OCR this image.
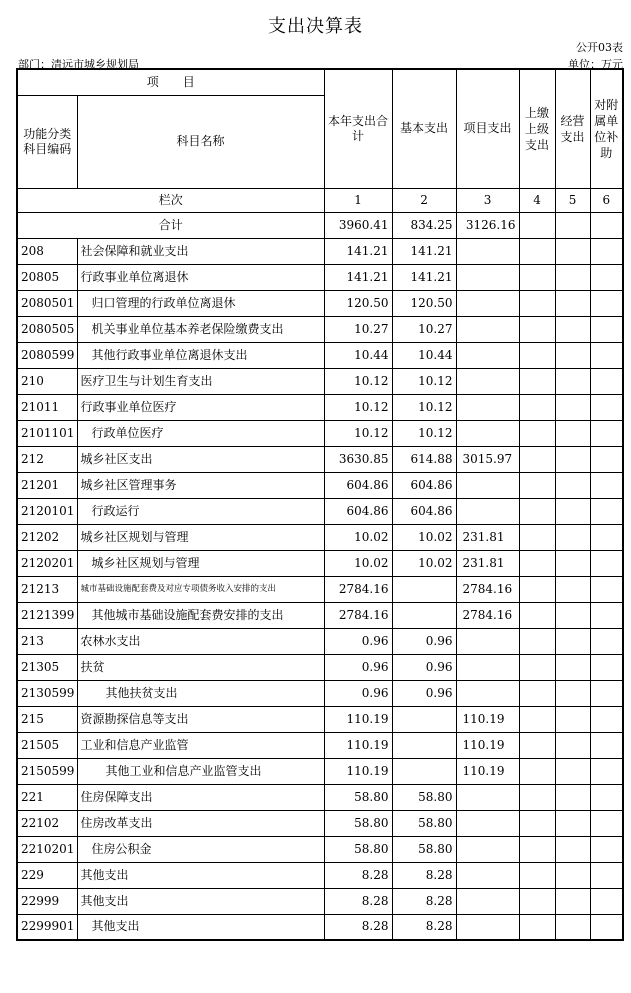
支出决算表
公开03表
部门：清远市城乡规划局	单位：万元
项　　目		本年支出合计	基本支出	项目支出	上缴上级支出	经营支出	对附属单位补助
功能分类科目编码	科目名称						
栏次		1	2	3	4	5	6
合计		3960.41	834.25	3126.16			
208	社会保障和就业支出	141.21	141.21				
20805	行政事业单位离退休	141.21	141.21				
2080501	归口管理的行政单位离退休	120.50	120.50				
2080505	机关事业单位基本养老保险缴费支出	10.27	10.27				
2080599	其他行政事业单位离退休支出	10.44	10.44				
210	医疗卫生与计划生育支出	10.12	10.12				
21011	行政事业单位医疗	10.12	10.12				
2101101	行政单位医疗	10.12	10.12				
212	城乡社区支出	3630.85	614.88	3015.97			
21201	城乡社区管理事务	604.86	604.86				
2120101	行政运行	604.86	604.86				
21202	城乡社区规划与管理	10.02	10.02	231.81			
2120201	城乡社区规划与管理	10.02	10.02	231.81			
21213	城市基础设施配套费及对应专项债务收入安排的支出	2784.16		2784.16			
2121399	其他城市基础设施配套费安排的支出	2784.16		2784.16			
213	农林水支出	0.96	0.96				
21305	扶贫	0.96	0.96				
2130599	其他扶贫支出	0.96	0.96				
215	资源勘探信息等支出	110.19		110.19			
21505	工业和信息产业监管	110.19		110.19			
2150599	其他工业和信息产业监管支出	110.19		110.19			
221	住房保障支出	58.80	58.80				
22102	住房改革支出	58.80	58.80				
2210201	住房公积金	58.80	58.80				
229	其他支出	8.28	8.28				
22999	其他支出	8.28	8.28				
2299901	其他支出	8.28	8.28				
